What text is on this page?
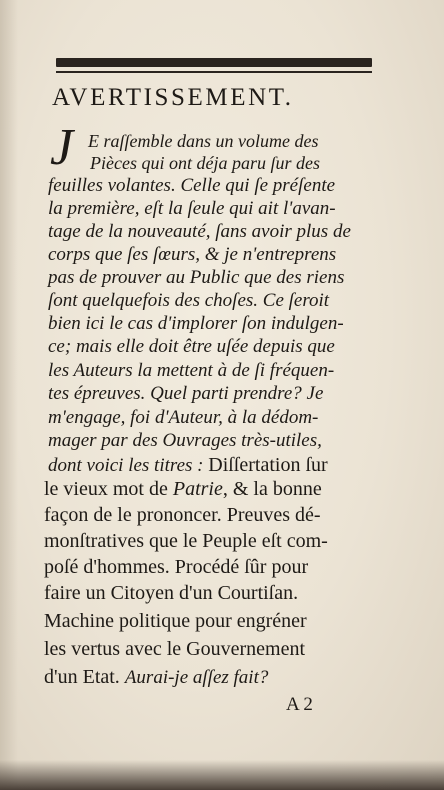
AVERTISSEMENT.
J E raſſemble dans un volume des
Pièces qui ont déja paru ſur des
feuilles volantes. Celle qui ſe préſente
la première, eſt la ſeule qui ait l'avan-
tage de la nouveauté, ſans avoir plus de
corps que ſes ſœurs, & je n'entreprens
pas de prouver au Public que des riens
ſont quelquefois des choſes. Ce ſeroit
bien ici le cas d'implorer ſon indulgen-
ce; mais elle doit être uſée depuis que
les Auteurs la mettent à de ſi fréquen-
tes épreuves. Quel parti prendre? Je
m'engage, foi d'Auteur, à la dédom-
mager par des Ouvrages très-utiles,
dont voici les titres : Diſſertation ſur
le vieux mot de Patrie, & la bonne
façon de le prononcer. Preuves dé-
monſtratives que le Peuple eſt com-
poſé d'hommes. Procédé ſûr pour
faire un Citoyen d'un Courtiſan.
Machine politique pour engréner
les vertus avec le Gouvernement
d'un Etat. Aurai-je aſſez fait?
A 2
